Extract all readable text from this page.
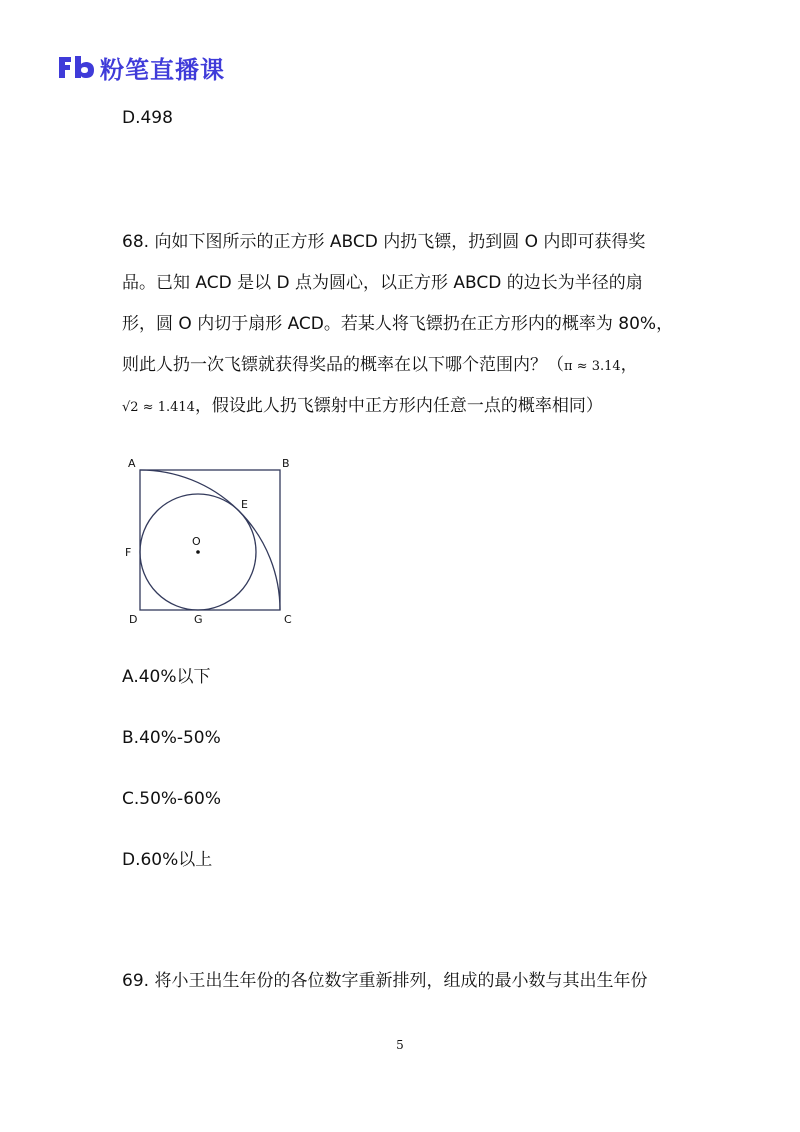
粉笔直播课
D.498
68. 向如下图所示的正方形 ABCD 内扔飞镖，扔到圆 O 内即可获得奖
品。已知 ACD 是以 D 点为圆心，以正方形 ABCD 的边长为半径的扇
形，圆 O 内切于扇形 ACD。若某人将飞镖扔在正方形内的概率为 80%，
则此人扔一次飞镖就获得奖品的概率在以下哪个范围内？（π ≈ 3.14，
√2 ≈ 1.414，假设此人扔飞镖射中正方形内任意一点的概率相同）
A	B
E
O
F
D	G	C
A.40%以下
B.40%-50%
C.50%-60%
D.60%以上
69. 将小王出生年份的各位数字重新排列，组成的最小数与其出生年份
5
